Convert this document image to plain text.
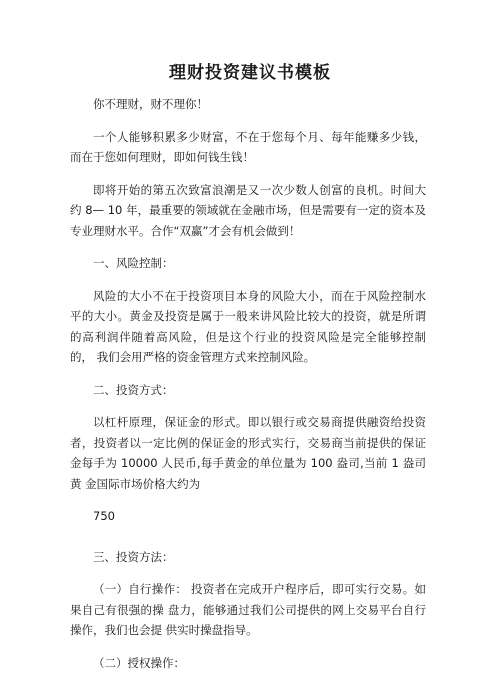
理财投资建议书模板

你不理财，财不理你！

一个人能够积累多少财富，不在于您每个月、每年能赚多少钱， 而在于您如何理财，即如何钱生钱！

即将开始的第五次致富浪潮是又一次少数人创富的良机。时间大约 8— 10 年，最重要的领域就在金融市场，但是需要有一定的资本及 专业理财水平。合作“双赢”才会有机会做到！

一、风险控制：

风险的大小不在于投资项目本身的风险大小，而在于风险控制水 平的大小。黄金及投资是属于一般来讲风险比较大的投资，就是所谓 的高利润伴随着高风险，但是这个行业的投资风险是完全能够控制的， 我们会用严格的资金管理方式来控制风险。

二、投资方式：

以杠杆原理，保证金的形式。即以银行或交易商提供融资给投资 者，投资者以一定比例的保证金的形式实行，交易商当前提供的保证 金每手为 10000 人民币,每手黄金的单位量为 100 盎司,当前 1 盎司黄 金国际市场价格大约为

750

三、投资方法：

（一）自行操作： 投资者在完成开户程序后，即可实行交易。如果自己有很强的操 盘力，能够通过我们公司提供的网上交易平台自行操作，我们也会提 供实时操盘指导。

（二）授权操作：
